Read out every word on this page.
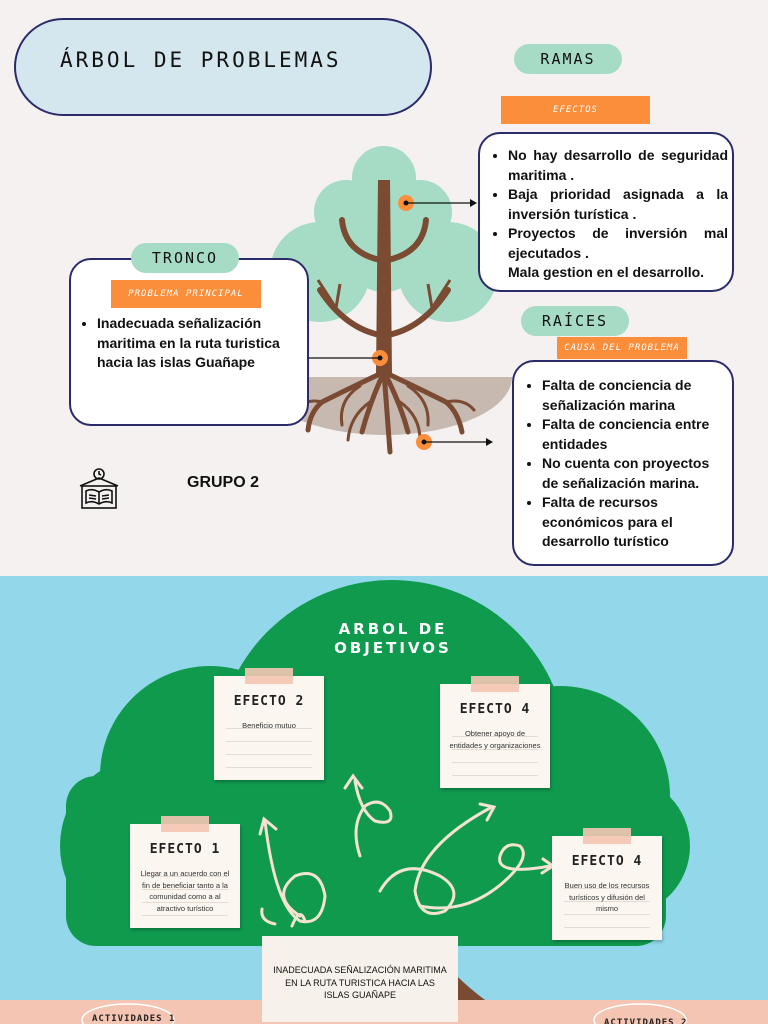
ÁRBOL DE PROBLEMAS	RAMAS
EFECTOS
• No hay desarrollo de seguridad maritima .
• Baja prioridad asignada a la inversión turística .
• Proyectos de inversión mal ejecutados .
Mala gestion en el desarrollo.
• Inadecuada señalización maritima en la ruta turistica hacia las islas Guañape
TRONCO
PROBLEMA PRINCIPAL
• Falta de conciencia de señalización marina
• Falta de conciencia entre entidades
• No cuenta con proyectos de señalización marina.
• Falta de recursos económicos para el desarrollo turístico
RAÍCES
CAUSA DEL PROBLEMA
GRUPO 2
ARBOL DE OBJETIVOS
EFECTO 2
Beneficio mutuo
EFECTO 4
Obtener apoyo de entidades y organizaciones
EFECTO 1
Llegar a un acuerdo con el fin de beneficiar tanto a la comunidad como a al atractivo turístico
EFECTO 4
Buen uso de los recursos turísticos y difusión del mismo
INADECUADA SEÑALIZACIÓN MARITIMA EN LA RUTA TURISTICA HACIA LAS ISLAS GUAÑAPE
ACTIVIDADES 1	ACTIVIDADES 2
